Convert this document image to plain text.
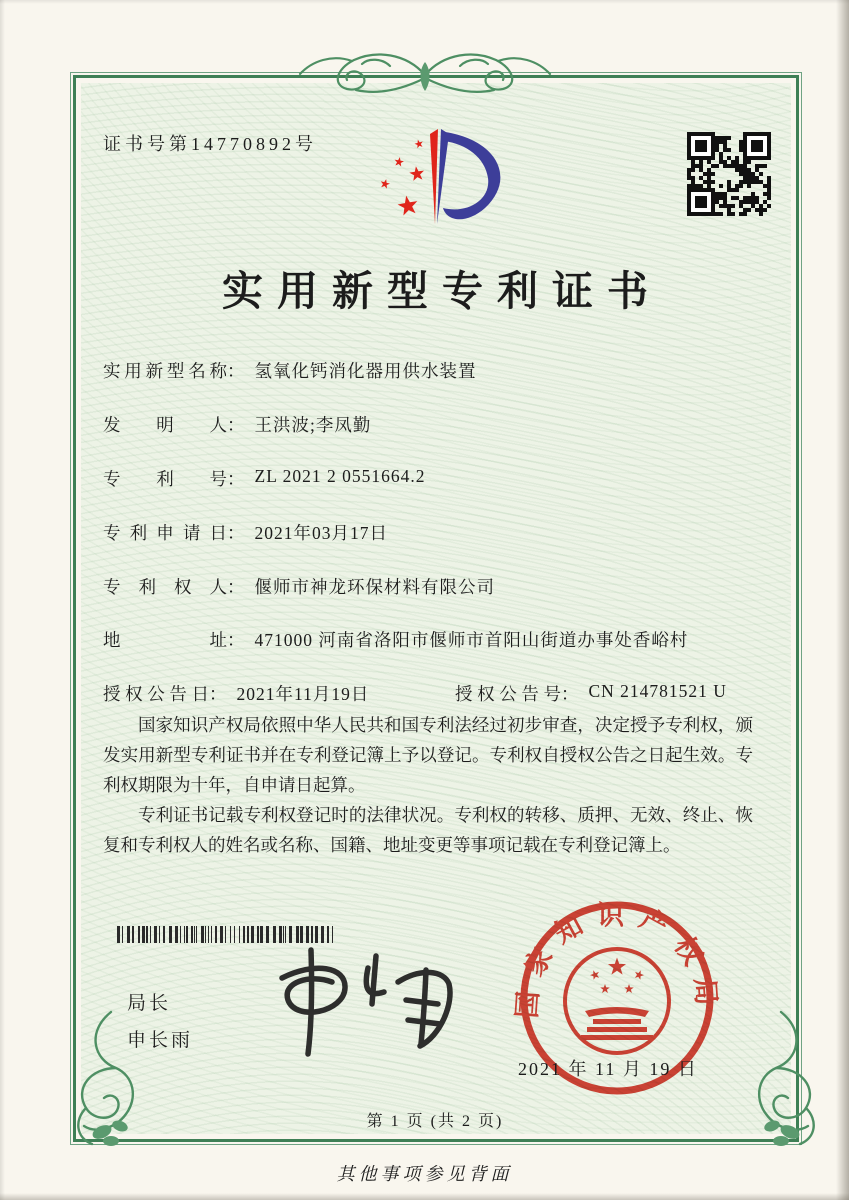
证书号第14770892号
实用新型专利证书
实用新型名称 ： 氢氧化钙消化器用供水装置
发明人 ： 王洪波;李凤勤
专利号 ： ZL 2021 2 0551664.2
专利申请日 ： 2021年03月17日
专利权人 ： 偃师市神龙环保材料有限公司
地址 ： 471000 河南省洛阳市偃师市首阳山街道办事处香峪村
授权公告日 ： 2021年11月19日	授权公告号 ： CN 214781521 U

国家知识产权局依照中华人民共和国专利法经过初步审查，决定授予专利权，颁发实用新型专利证书并在专利登记簿上予以登记。专利权自授权公告之日起生效。专利权期限为十年，自申请日起算。

专利证书记载专利权登记时的法律状况。专利权的转移、质押、无效、终止、恢复和专利权人的姓名或名称、国籍、地址变更等事项记载在专利登记簿上。

局长
申长雨
国家知识产权局
2021 年 11 月 19 日
第 1 页 (共 2 页)
其他事项参见背面
